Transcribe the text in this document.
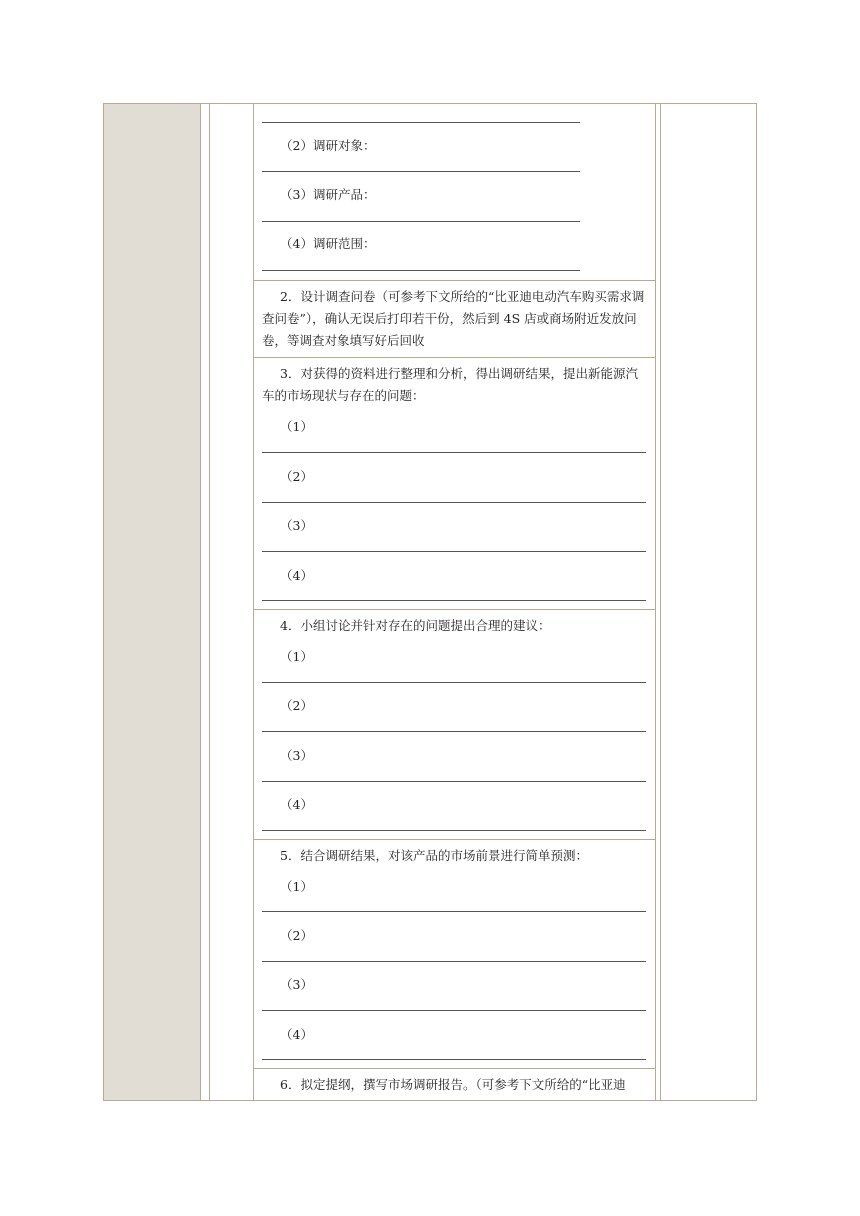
（2）调研对象：
（3）调研产品：
（4）调研范围：
2．设计调查问卷（可参考下文所给的“比亚迪电动汽车购买需求调查问卷”），确认无误后打印若干份，然后到 4S 店或商场附近发放问卷，等调查对象填写好后回收
3．对获得的资料进行整理和分析，得出调研结果，提出新能源汽车的市场现状与存在的问题：
（1）
（2）
（3）
（4）
4．小组讨论并针对存在的问题提出合理的建议：
（1）
（2）
（3）
（4）
5．结合调研结果，对该产品的市场前景进行简单预测：
（1）
（2）
（3）
（4）
6．拟定提纲，撰写市场调研报告。（可参考下文所给的“比亚迪
